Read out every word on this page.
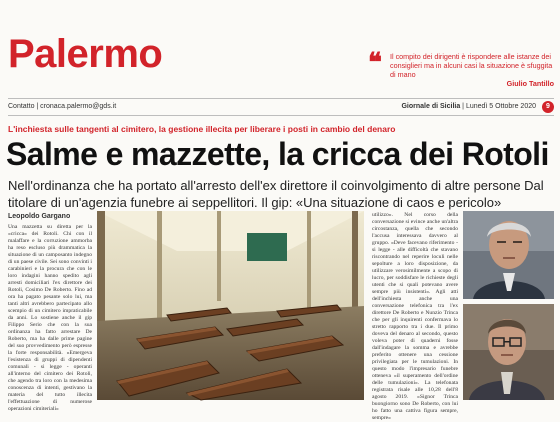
Palermo	❝ Il compito dei dirigenti è rispondere alle istanze dei consiglieri ma in alcuni casi la situazione è sfuggita di mano
Giulio Tantillo
Contatto | cronaca.palermo@gds.it	Giornale di Sicilia | Lunedì 5 Ottobre 2020	9
L'inchiesta sulle tangenti al cimitero, la gestione illecita per liberare i posti in cambio del denaro
Salme e mazzette, la cricca dei Rotoli
Nell'ordinanza che ha portato all'arresto dell'ex direttore il coinvolgimento di altre persone Dal titolare di un'agenzia funebre ai seppellitori. Il gip: «Una situazione di caos e pericolo»
Leopoldo Gargano
Una mazzetta su diretta per la «cricca» dei Rotoli. Chi con il malaffare e la corruzione ammorba ha reso escluso più drammatica la situazione di un camposanto indegno di un paese civile. Sei sono convinti i carabinieri e la procura che con le loro indagini hanno spedito agli arresti domiciliari l'ex direttore dei Rotoli, Cosimo De Roberto. Fino ad ora ha pagato pesante solo lui, ma tanti altri avrebbero partecipato allo scempio di un cimitero impraticabile da anni. Lo sostiene anche il gip Filippo Serio che con la sua ordinanza ha fatto arrestare De Roberto, ma ha dalle prime pagine del suo provvedimento però espresse la forte responsabilità. «Emergeva l'esistenza di gruppi di dipendenti comunali - si legge - operanti all'interno del cimitero dei Rotoli, che agendo tra loro con la medesima conoscenza di intenti, gestivano la materia del tutto illecita l'effettuazione di numerose operazioni cimiteriali»
utilizzo». Nel corso della conversazione si evince anche un'altra circostanza, quella che secondo l'accusa interessava davvero al gruppo. «Deve facevano riferimento - si legge - alle difficoltà che stavano riscontrando nel reperire loculi nelle sepolture a loro disposizione, da utilizzare verosimilmente a scopo di lucro, per soddisfare le richieste degli utenti che si quali potevano avere sempre più insistenti». Agli atti dell'inchiesta anche una conversazione telefonica tra l'ex direttore De Roberto e Nunzio Trinca che per gli inquirenti confermava lo stretto rapporto tra i due. Il primo doveva del denaro al secondo, questo voleva poter di quaderni fosse dall'indagare la somma e avrebbe preferito ottenere una cessione privilegiata per le tumulazioni. In questo modo l'impresario funebre otteneva «il superamento dell'ordine delle tumulazioni». La telefonata registrata risale alle 10,28 dell'8 agosto 2019. «Signor Trinca buongiorno sono De Roberto, con lui ho fatto una cattiva figura sempre, sempre»
